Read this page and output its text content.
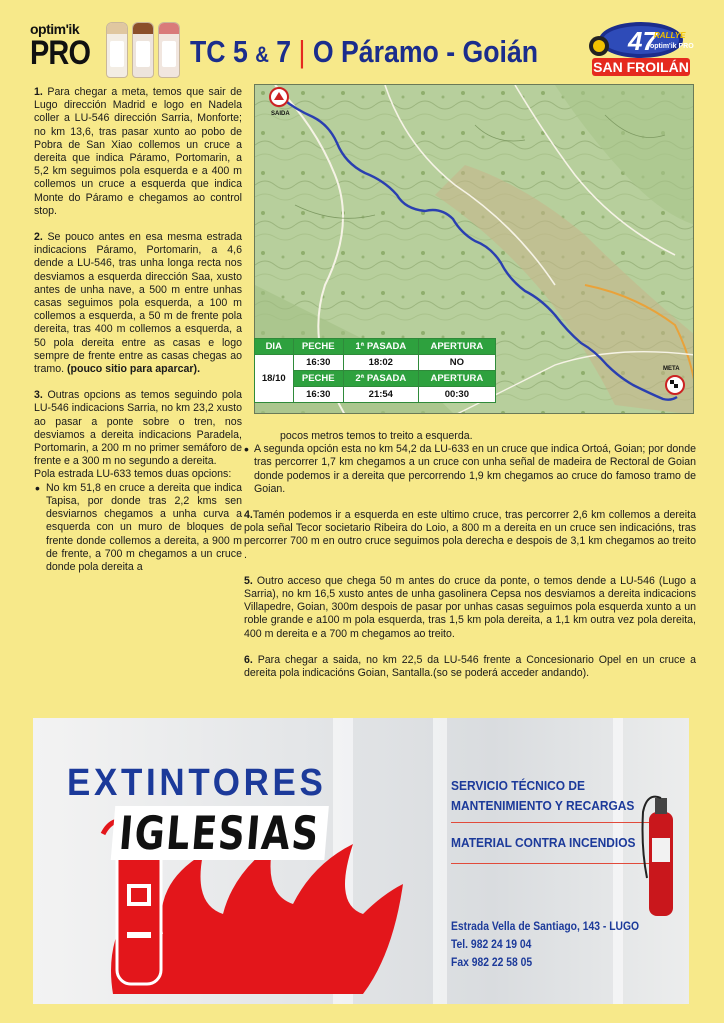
optim'ik
PRO	TC 5 & 7 | O Páramo - Goián	47
RALLYE
optim'ik PRO
SAN FROILÁN

1. Para chegar a meta, temos que sair de Lugo dirección Madrid e logo en Nadela coller a LU-546 dirección Sarria, Monforte; no km 13,6, tras pasar xunto ao pobo de Pobra de San Xiao collemos un cruce a dereita que indica Páramo, Portomarin, a 5,2 km seguimos pola esquerda e a 400 m collemos un cruce a esquerda que indica Monte do Páramo e chegamos ao control stop.

2. Se pouco antes en esa mesma estrada indicacions Páramo, Portomarin, a 4,6 dende a LU-546, tras unha longa recta nos desviamos a esquerda dirección Saa, xusto antes de unha nave, a 500 m entre unhas casas seguimos pola esquerda, a 100 m collemos a esquerda, a 50 m de frente pola dereita, tras 400 m collemos a esquerda, a 50 pola dereita entre as casas e logo sempre de frente entre as casas chegas ao tramo. (pouco sitio para aparcar).

3. Outras opcions as temos seguindo pola LU-546 indicacions Sarria, no km 23,2 xusto ao pasar a ponte sobre o tren, nos desviamos a dereita indicacions Paradela, Portomarin, a 200 m no primer semáforo de frente e a 300 m no segundo a dereita.

Pola estrada LU-633 temos duas opcions:

• No km 51,8 en cruce a dereita que indica Tapisa, por donde tras 2,2 kms sen desviarnos chegamos a unha curva a esquerda con un muro de bloques de frente donde collemos a dereita, a 900 m de frente, a 700 m chegamos a un cruce donde pola dereita a

SAIDA
META
DIA	PECHE	1ª PASADA	APERTURA
18/10	16:30	18:02	NO
	PECHE	2ª PASADA	APERTURA
	16:30	21:54	00:30

pocos metros temos to treito a esquerda.

• A segunda opción esta no km 54,2 da LU-633 en un cruce que indica Ortoá, Goian; por donde tras percorrer 1,7 km chegamos a un cruce con unha señal de madeira de Rectoral de Goian donde podemos ir a dereita que percorrendo 1,9 km chegamos ao cruce do famoso tramo de Goian.

4.Tamén podemos ir a esquerda en este ultimo cruce, tras percorrer 2,6 km collemos a dereita pola señal Tecor societario Ribeira do Loio, a 800 m a dereita en un cruce sen indicacións, tras percorrer 700 m en outro cruce seguimos pola derecha e despois de 3,1 km chegamos ao treito .

5. Outro acceso que chega 50 m antes do cruce da ponte, o temos dende a LU-546 (Lugo a Sarria), no km 16,5 xusto antes de unha gasolinera Cepsa nos desviamos a dereita indicacions Villapedre, Goian, 300m despois de pasar por unhas casas seguimos pola esquerda xunto a un roble grande e a100 m pola esquerda, tras 1,5 km pola dereita, a 1,1 km outra vez pola dereita, 400 m dereita e a 700 m chegamos ao treito.

6. Para chegar a saida, no km 22,5 da LU-546 frente a Concesionario Opel en un cruce a dereita pola indicacións Goian, Santalla.(so se poderá acceder andando).

EXTINTORES
IGLESIAS
SERVICIO TÉCNICO DE
MANTENIMIENTO Y RECARGAS
MATERIAL CONTRA INCENDIOS
Estrada Vella de Santiago, 143 - LUGO
Tel. 982 24 19 04
Fax 982 22 58 05
